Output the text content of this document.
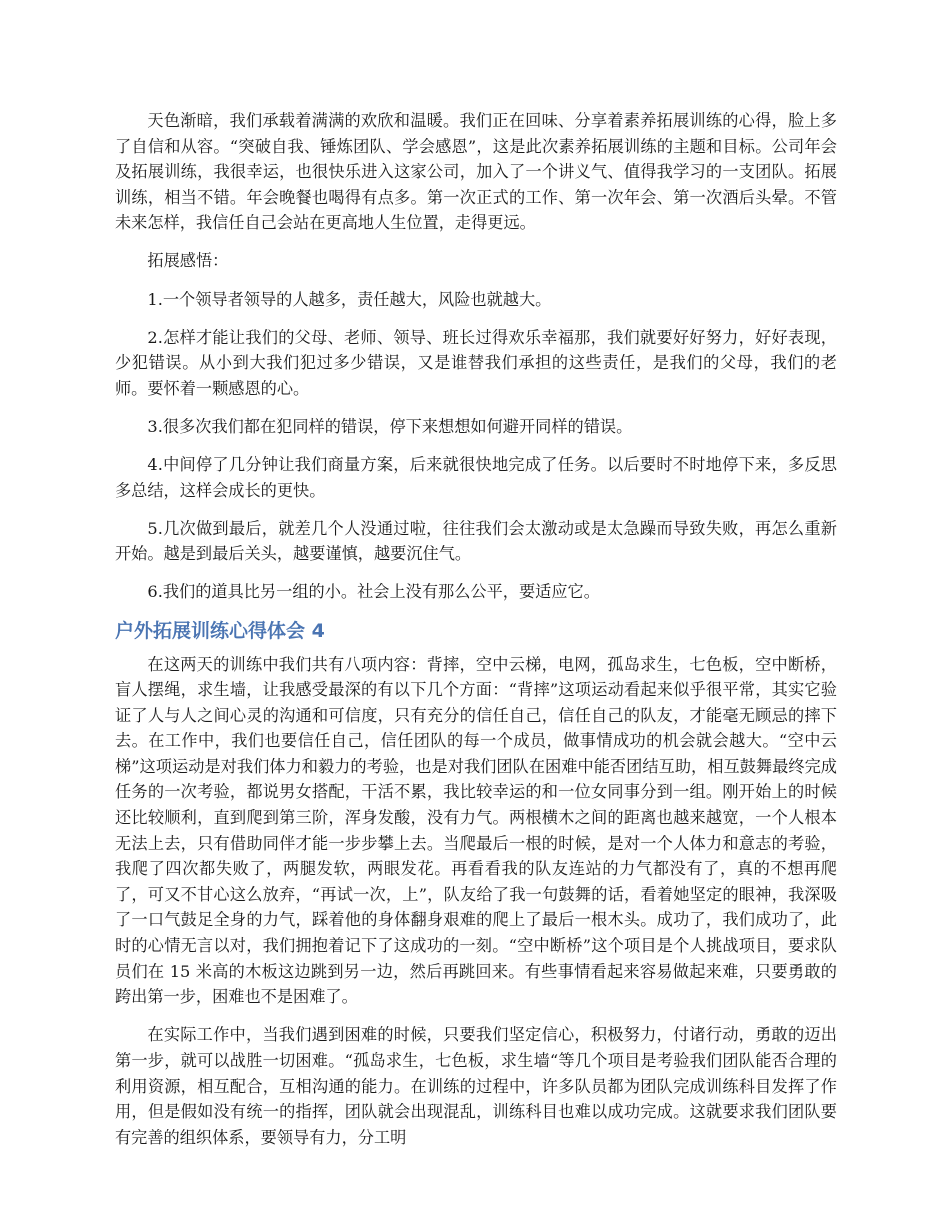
天色渐暗，我们承载着满满的欢欣和温暖。我们正在回味、分享着素养拓展训练的心得，脸上多了自信和从容。“突破自我、锤炼团队、学会感恩”，这是此次素养拓展训练的主题和目标。公司年会及拓展训练，我很幸运，也很快乐进入这家公司，加入了一个讲义气、值得我学习的一支团队。拓展训练，相当不错。年会晚餐也喝得有点多。第一次正式的工作、第一次年会、第一次酒后头晕。不管未来怎样，我信任自己会站在更高地人生位置，走得更远。

拓展感悟：

1.一个领导者领导的人越多，责任越大，风险也就越大。

2.怎样才能让我们的父母、老师、领导、班长过得欢乐幸福那，我们就要好好努力，好好表现，少犯错误。从小到大我们犯过多少错误，又是谁替我们承担的这些责任，是我们的父母，我们的老师。要怀着一颗感恩的心。

3.很多次我们都在犯同样的错误，停下来想想如何避开同样的错误。

4.中间停了几分钟让我们商量方案，后来就很快地完成了任务。以后要时不时地停下来，多反思多总结，这样会成长的更快。

5.几次做到最后，就差几个人没通过啦，往往我们会太激动或是太急躁而导致失败，再怎么重新开始。越是到最后关头，越要谨慎，越要沉住气。

6.我们的道具比另一组的小。社会上没有那么公平，要适应它。

户外拓展训练心得体会 4

在这两天的训练中我们共有八项内容：背摔，空中云梯，电网，孤岛求生，七色板，空中断桥，盲人摆绳，求生墙，让我感受最深的有以下几个方面：“背摔”这项运动看起来似乎很平常，其实它验证了人与人之间心灵的沟通和可信度，只有充分的信任自己，信任自己的队友，才能毫无顾忌的摔下去。在工作中，我们也要信任自己，信任团队的每一个成员，做事情成功的机会就会越大。“空中云梯”这项运动是对我们体力和毅力的考验，也是对我们团队在困难中能否团结互助，相互鼓舞最终完成任务的一次考验，都说男女搭配，干活不累，我比较幸运的和一位女同事分到一组。刚开始上的时候还比较顺利，直到爬到第三阶，浑身发酸，没有力气。两根横木之间的距离也越来越宽，一个人根本无法上去，只有借助同伴才能一步步攀上去。当爬最后一根的时候，是对一个人体力和意志的考验，我爬了四次都失败了，两腿发软，两眼发花。再看看我的队友连站的力气都没有了，真的不想再爬了，可又不甘心这么放弃，“再试一次，上”，队友给了我一句鼓舞的话，看着她坚定的眼神，我深吸了一口气鼓足全身的力气，踩着他的身体翻身艰难的爬上了最后一根木头。成功了，我们成功了，此时的心情无言以对，我们拥抱着记下了这成功的一刻。“空中断桥”这个项目是个人挑战项目，要求队员们在 15 米高的木板这边跳到另一边，然后再跳回来。有些事情看起来容易做起来难，只要勇敢的跨出第一步，困难也不是困难了。

在实际工作中，当我们遇到困难的时候，只要我们坚定信心，积极努力，付诸行动，勇敢的迈出第一步，就可以战胜一切困难。“孤岛求生，七色板，求生墙“等几个项目是考验我们团队能否合理的利用资源，相互配合，互相沟通的能力。在训练的过程中，许多队员都为团队完成训练科目发挥了作用，但是假如没有统一的指挥，团队就会出现混乱，训练科目也难以成功完成。这就要求我们团队要有完善的组织体系，要领导有力，分工明
